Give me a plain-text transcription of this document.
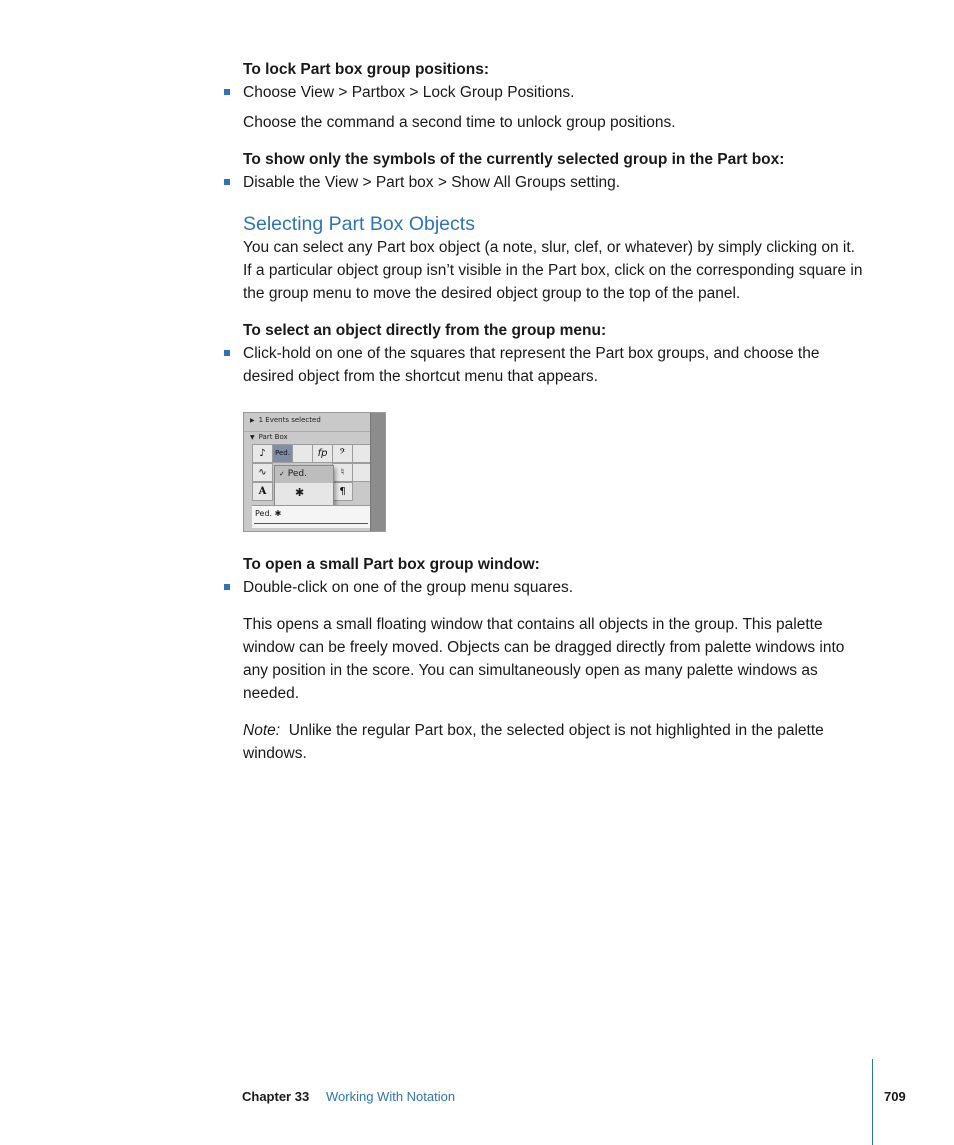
To lock Part box group positions:
Choose View > Partbox > Lock Group Positions.
Choose the command a second time to unlock group positions.
To show only the symbols of the currently selected group in the Part box:
Disable the View > Part box > Show All Groups setting.
Selecting Part Box Objects
You can select any Part box object (a note, slur, clef, or whatever) by simply clicking on it. If a particular object group isn’t visible in the Part box, click on the corresponding square in the group menu to move the desired object group to the top of the panel.
To select an object directly from the group menu:
Click-hold on one of the squares that represent the Part box groups, and choose the desired object from the shortcut menu that appears.
▶ 1 Events selected
▼ Part Box
♪	Ped.	fp	𝄢
∿	♮
A	¶
✓ Ped.
✱
Ped. ✱
To open a small Part box group window:
Double-click on one of the group menu squares.
This opens a small floating window that contains all objects in the group. This palette window can be freely moved. Objects can be dragged directly from palette windows into any position in the score. You can simultaneously open as many palette windows as needed.
Note: Unlike the regular Part box, the selected object is not highlighted in the palette windows.
Chapter 33 Working With Notation	709
